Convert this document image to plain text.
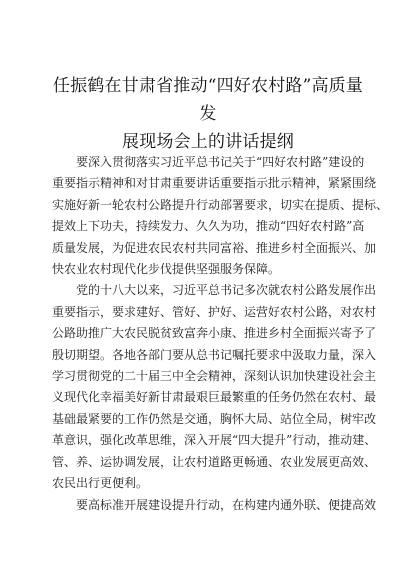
任振鹤在甘肃省推动“四好农村路”高质量发
展现场会上的讲话提纲

　　要深入贯彻落实习近平总书记关于“四好农村路”建设的
重要指示精神和对甘肃重要讲话重要指示批示精神，紧紧围绕
实施好新一轮农村公路提升行动部署要求，切实在提质、提标、
提效上下功夫，持续发力、久久为功，推动“四好农村路”高
质量发展，为促进农民农村共同富裕、推进乡村全面振兴、加
快农业农村现代化步伐提供坚强服务保障。

　　党的十八大以来，习近平总书记多次就农村公路发展作出
重要指示，要求建好、管好、护好、运营好农村公路，对农村
公路助推广大农民脱贫致富奔小康、推进乡村全面振兴寄予了
殷切期望。各地各部门要从总书记嘱托要求中汲取力量，深入
学习贯彻党的二十届三中全会精神，深刻认识加快建设社会主
义现代化幸福美好新甘肃最艰巨最繁重的任务仍然在农村、最
基础最紧要的工作仍然是交通，胸怀大局、站位全局，树牢改
革意识，强化改革思维，深入开展“四大提升”行动，推动建、
管、养、运协调发展，让农村道路更畅通、农业发展更高效、
农民出行更便利。

　　要高标准开展建设提升行动，在构建内通外联、便捷高效
